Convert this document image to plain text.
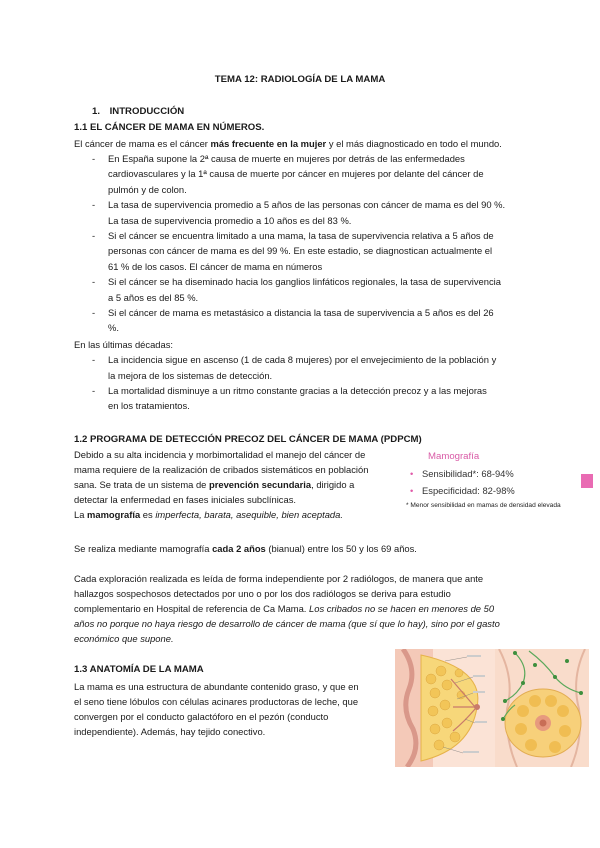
TEMA 12: RADIOLOGÍA DE LA MAMA
1. INTRODUCCIÓN
1.1 EL CÁNCER DE MAMA EN NÚMEROS.
El cáncer de mama es el cáncer más frecuente en la mujer y el más diagnosticado en todo el mundo.
- En España supone la 2ª causa de muerte en mujeres por detrás de las enfermedades
cardiovasculares y la 1ª causa de muerte por cáncer en mujeres por delante del cáncer de
pulmón y de colon.
- La tasa de supervivencia promedio a 5 años de las personas con cáncer de mama es del 90 %.
La tasa de supervivencia promedio a 10 años es del 83 %.
- Si el cáncer se encuentra limitado a una mama, la tasa de supervivencia relativa a 5 años de
personas con cáncer de mama es del 99 %. En este estadio, se diagnostican actualmente el
61 % de los casos. El cáncer de mama en números
- Si el cáncer se ha diseminado hacia los ganglios linfáticos regionales, la tasa de supervivencia
a 5 años es del 85 %.
- Si el cáncer de mama es metastásico a distancia la tasa de supervivencia a 5 años es del 26
%.
En las últimas décadas:
- La incidencia sigue en ascenso (1 de cada 8 mujeres) por el envejecimiento de la población y
la mejora de los sistemas de detección.
- La mortalidad disminuye a un ritmo constante gracias a la detección precoz y a las mejoras
en los tratamientos.
1.2 PROGRAMA DE DETECCIÓN PRECOZ DEL CÁNCER DE MAMA (PDPCM)
Debido a su alta incidencia y morbimortalidad el manejo del cáncer de
mama requiere de la realización de cribados sistemáticos en población
sana. Se trata de un sistema de prevención secundaria, dirigido a
detectar la enfermedad en fases iniciales subclínicas.
La mamografía es imperfecta, barata, asequible, bien aceptada.
Mamografía
• Sensibilidad*: 68-94%
• Especificidad: 82-98%
* Menor sensibilidad en mamas de densidad elevada
Se realiza mediante mamografía cada 2 años (bianual) entre los 50 y los 69 años.
Cada exploración realizada es leída de forma independiente por 2 radiólogos, de manera que ante
hallazgos sospechosos detectados por uno o por los dos radiólogos se deriva para estudio
complementario en Hospital de referencia de Ca Mama. Los cribados no se hacen en menores de 50
años no porque no haya riesgo de desarrollo de cáncer de mama (que sí que lo hay), sino por el gasto
económico que supone.
1.3 ANATOMÍA DE LA MAMA
La mama es una estructura de abundante contenido graso, y que en
el seno tiene lóbulos con células acinares productoras de leche, que
convergen por el conducto galactóforo en el pezón (conducto
independiente). Además, hay tejido conectivo.
